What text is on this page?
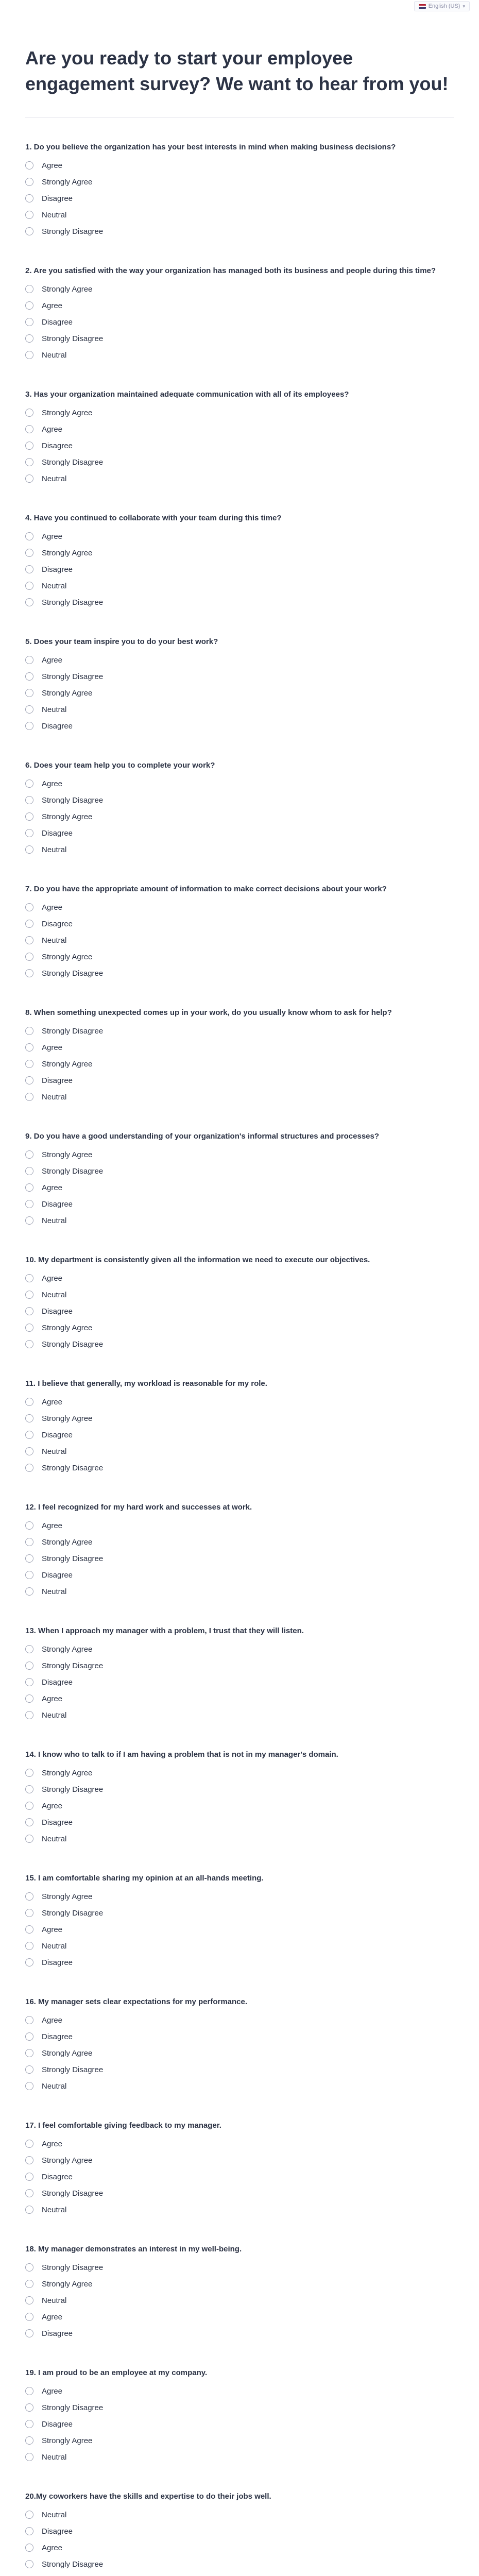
English (US) ▾
Are you ready to start your employee engagement survey? We want to hear from you!
1. Do you believe the organization has your best interests in mind when making business decisions?
Agree
Strongly Agree
Disagree
Neutral
Strongly Disagree
2. Are you satisfied with the way your organization has managed both its business and people during this time?
Strongly Agree
Agree
Disagree
Strongly Disagree
Neutral
3. Has your organization maintained adequate communication with all of its employees?
Strongly Agree
Agree
Disagree
Strongly Disagree
Neutral
4. Have you continued to collaborate with your team during this time?
Agree
Strongly Agree
Disagree
Neutral
Strongly Disagree
5. Does your team inspire you to do your best work?
Agree
Strongly Disagree
Strongly Agree
Neutral
Disagree
6. Does your team help you to complete your work?
Agree
Strongly Disagree
Strongly Agree
Disagree
Neutral
7. Do you have the appropriate amount of information to make correct decisions about your work?
Agree
Disagree
Neutral
Strongly Agree
Strongly Disagree
8. When something unexpected comes up in your work, do you usually know whom to ask for help?
Strongly Disagree
Agree
Strongly Agree
Disagree
Neutral
9. Do you have a good understanding of your organization's informal structures and processes?
Strongly Agree
Strongly Disagree
Agree
Disagree
Neutral
10. My department is consistently given all the information we need to execute our objectives.
Agree
Neutral
Disagree
Strongly Agree
Strongly Disagree
11. I believe that generally, my workload is reasonable for my role.
Agree
Strongly Agree
Disagree
Neutral
Strongly Disagree
12. I feel recognized for my hard work and successes at work.
Agree
Strongly Agree
Strongly Disagree
Disagree
Neutral
13. When I approach my manager with a problem, I trust that they will listen.
Strongly Agree
Strongly Disagree
Disagree
Agree
Neutral
14. I know who to talk to if I am having a problem that is not in my manager's domain.
Strongly Agree
Strongly Disagree
Agree
Disagree
Neutral
15. I am comfortable sharing my opinion at an all-hands meeting.
Strongly Agree
Strongly Disagree
Agree
Neutral
Disagree
16. My manager sets clear expectations for my performance.
Agree
Disagree
Strongly Agree
Strongly Disagree
Neutral
17. I feel comfortable giving feedback to my manager.
Agree
Strongly Agree
Disagree
Strongly Disagree
Neutral
18. My manager demonstrates an interest in my well-being.
Strongly Disagree
Strongly Agree
Neutral
Agree
Disagree
19. I am proud to be an employee at my company.
Agree
Strongly Disagree
Disagree
Strongly Agree
Neutral
20.My coworkers have the skills and expertise to do their jobs well.
Neutral
Disagree
Agree
Strongly Disagree
